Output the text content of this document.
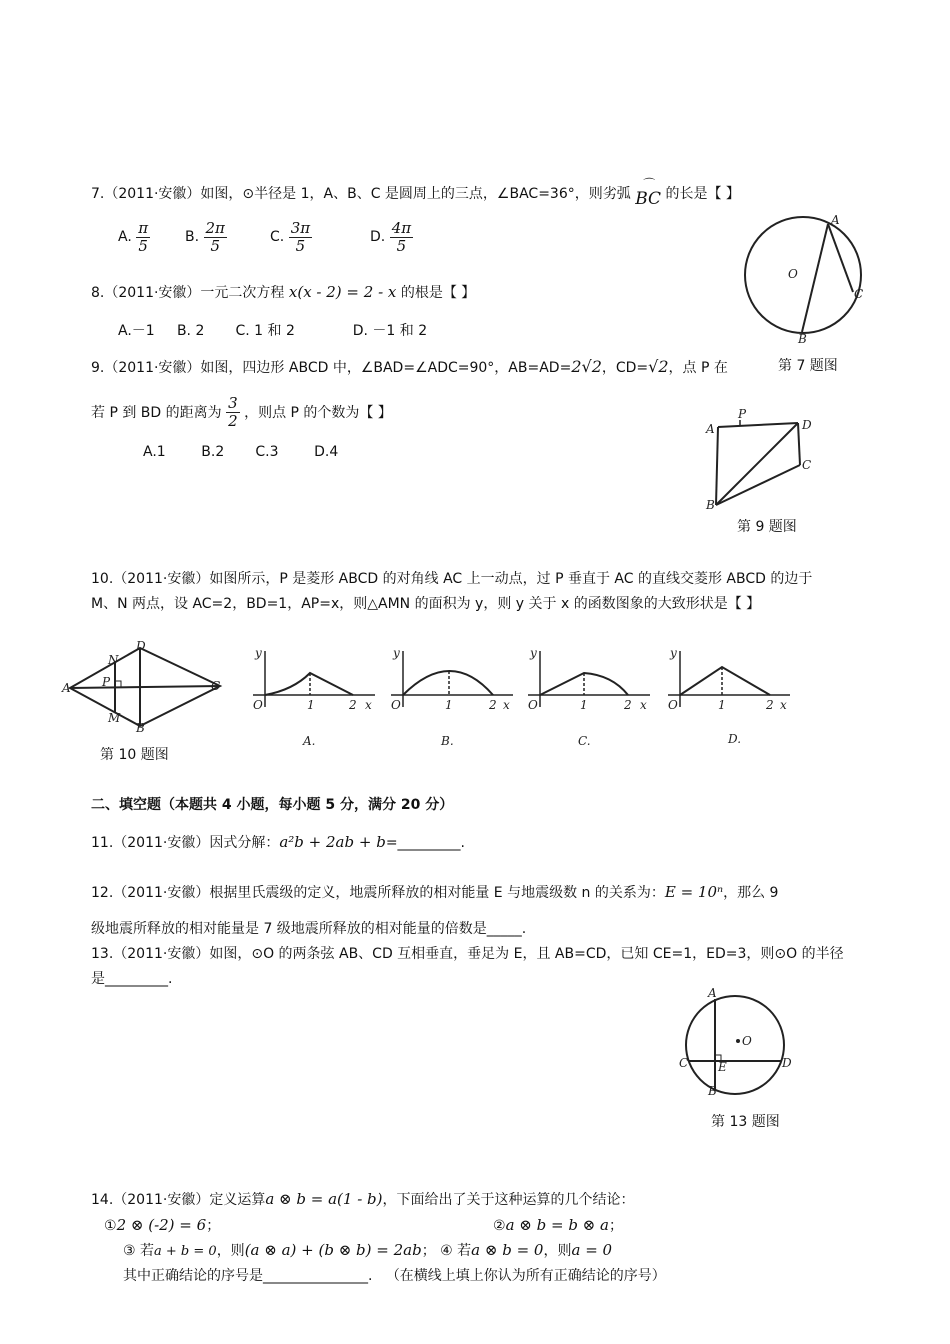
7.（2011·安徽）如图，⊙半径是 1，A、B、C 是圆周上的三点，∠BAC=36°，则劣弧
⌒
BC 的长是【 】
A. $\frac{\pi}{5} B$. $\frac{2\pi}{5}$	C. $\frac{3\pi}{5}$	D. $\frac{4\pi}{5}$	A
B
C
O
第 7 题图
8.（2011·安徽）一元二次方程 x(x - 2) = 2 - x 的根是【 】
A.－1     B. 2       C. 1 和 2             D. －1 和 2
9.（2011·安徽）如图，四边形 ABCD 中，∠BAD=∠ADC=90°，AB=AD=2√2，CD=√2，点 P 在
若 P 到 BD 的距离为 $\frac{3}{2}$ ，则点 P 的个数为【 】
A.1        B.2       C.3        D.4
A
B
C
D
P
第 9 题图
10.（2011·安徽）如图所示，P 是菱形 ABCD 的对角线 AC 上一动点，过 P 垂直于 AC 的直线交菱形 ABCD 的边于
M、N 两点，设 AC=2，BD=1，AP=x，则△AMN 的面积为 y，则 y 关于 x 的函数图象的大致形状是【 】
A
B
C
D
M
N
P
第 10 题图
y
O	1	2 x
A.
y
O	1	2 x
B.
y
O	1	2 x
C.
y
O	1	2 x
D.
二、填空题（本题共 4 小题，每小题 5 分，满分 20 分）
11.（2011·安徽）因式分解：a²b + 2ab + b=_________.
12.（2011·安徽）根据里氏震级的定义，地震所释放的相对能量 E 与地震级数 n 的关系为：E = 10ⁿ，那么 9
级地震所释放的相对能量是 7 级地震所释放的相对能量的倍数是_____.
13.（2011·安徽）如图，⊙O 的两条弦 AB、CD 互相垂直，垂足为 E，且 AB=CD，已知 CE=1，ED=3，则⊙O 的半径
是_________.
A
B
C	D
E
O
第 13 题图
14.（2011·安徽）定义运算a ⊗ b = a(1 - b)，下面给出了关于这种运算的几个结论：
①2 ⊗ (-2) = 6；	②a ⊗ b = b ⊗ a；
③ 若a + b = 0，则(a ⊗ a) + (b ⊗ b) = 2ab； ④ 若a ⊗ b = 0，则a = 0
其中正确结论的序号是_______________. （在横线上填上你认为所有正确结论的序号）
